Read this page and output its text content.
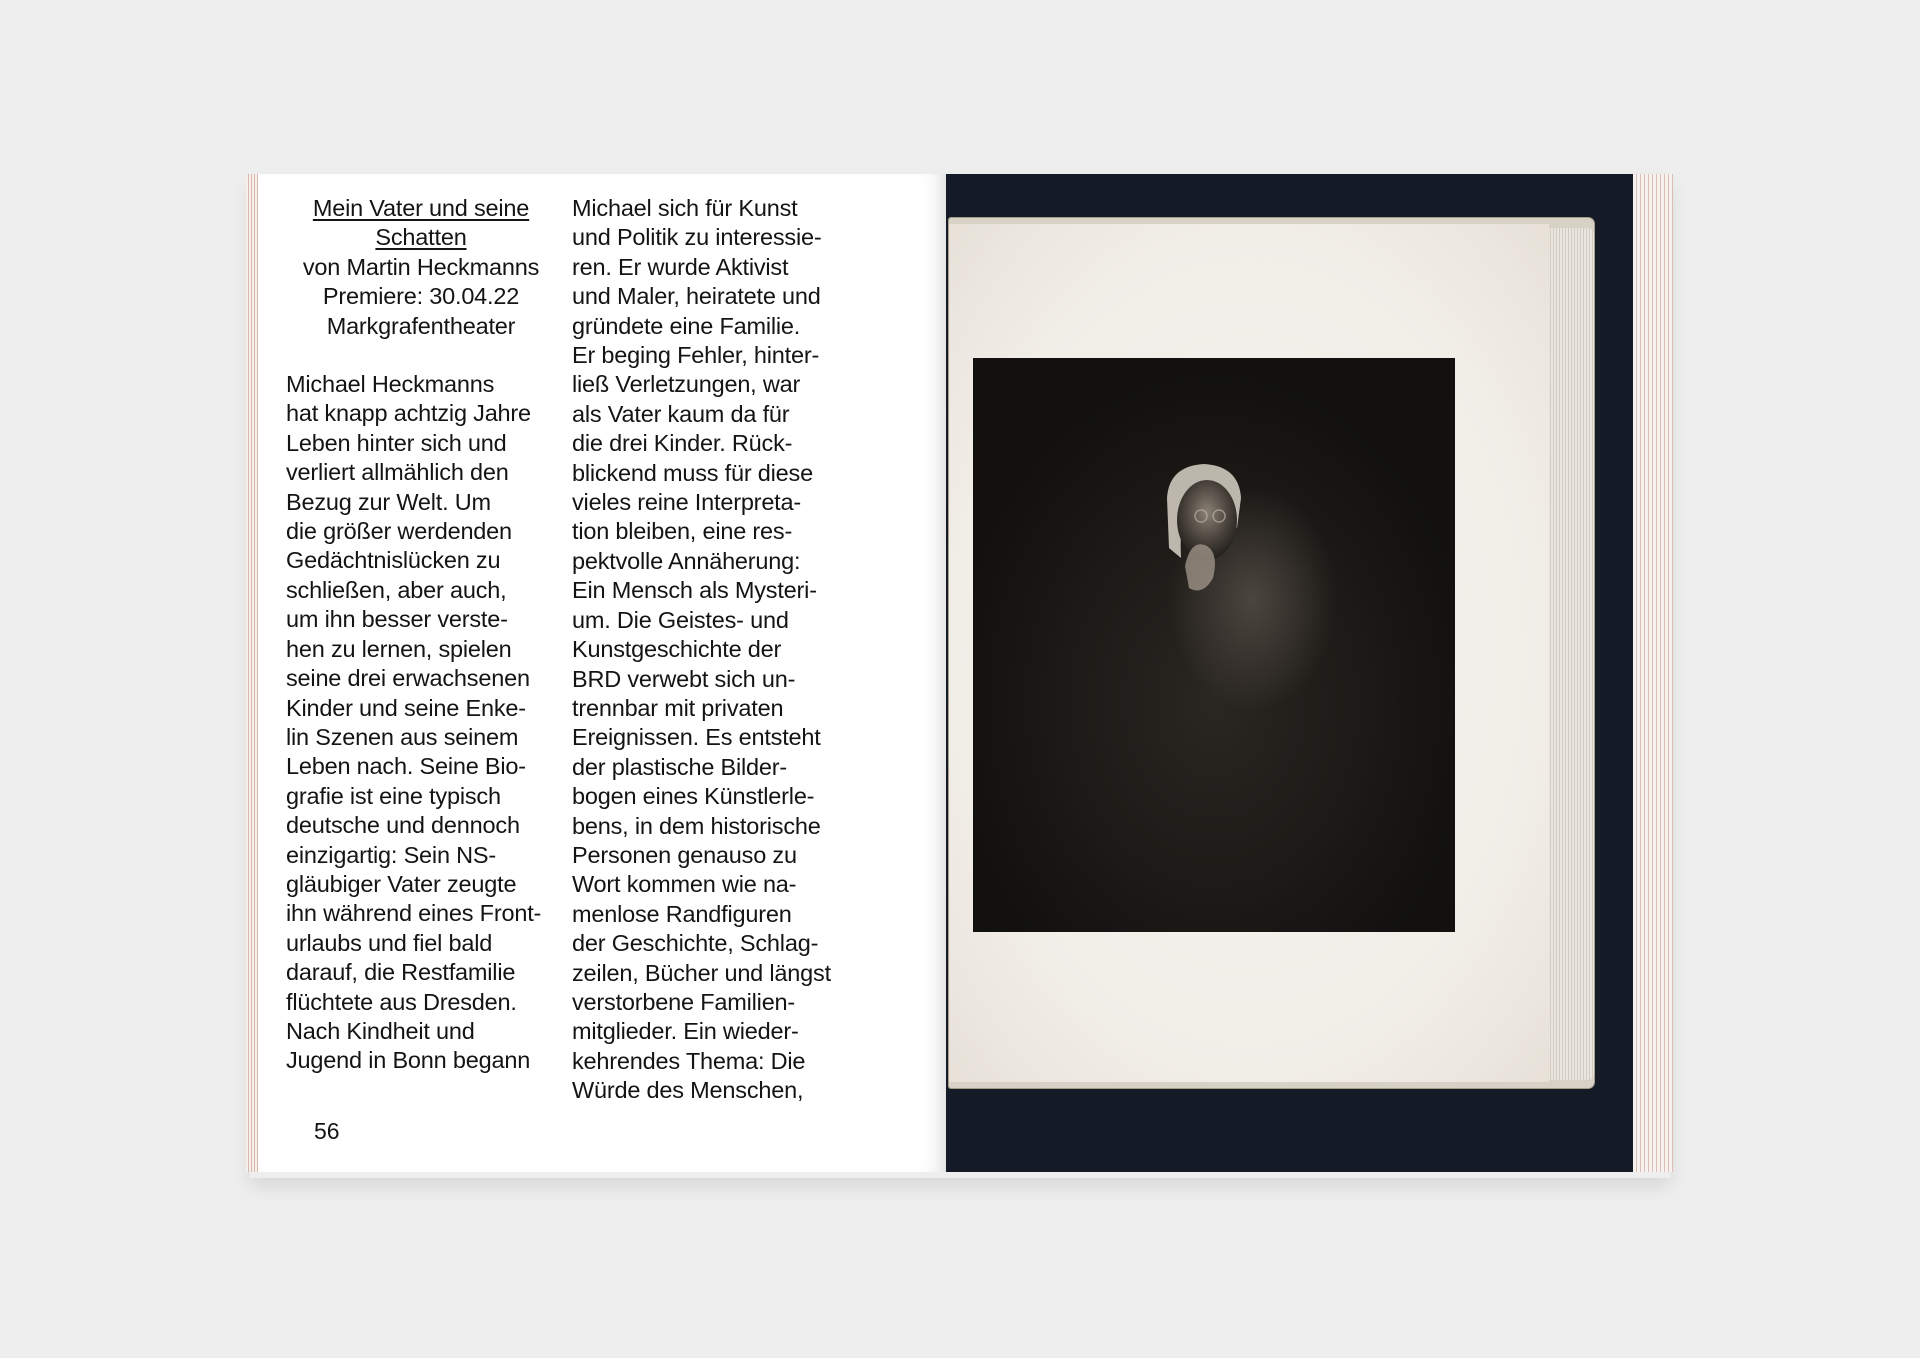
Mein Vater und seine Schatten
von Martin Heckmanns
Premiere: 30.04.22
Markgrafentheater
Michael Heckmanns
hat knapp achtzig Jahre
Leben hinter sich und
verliert allmählich den
Bezug zur Welt. Um
die größer werdenden
Gedächtnislücken zu
schließen, aber auch,
um ihn besser verste-
hen zu lernen, spielen
seine drei erwachsenen
Kinder und seine Enke-
lin Szenen aus seinem
Leben nach. Seine Bio-
grafie ist eine typisch
deutsche und dennoch
einzigartig: Sein NS-
gläubiger Vater zeugte
ihn während eines Front-
urlaubs und fiel bald
darauf, die Restfamilie
flüchtete aus Dresden.
Nach Kindheit und
Jugend in Bonn begann
Michael sich für Kunst
und Politik zu interessie-
ren. Er wurde Aktivist
und Maler, heiratete und
gründete eine Familie.
Er beging Fehler, hinter-
ließ Verletzungen, war
als Vater kaum da für
die drei Kinder. Rück-
blickend muss für diese
vieles reine Interpreta-
tion bleiben, eine res-
pektvolle Annäherung:
Ein Mensch als Mysteri-
um. Die Geistes- und
Kunstgeschichte der
BRD verwebt sich un-
trennbar mit privaten
Ereignissen. Es entsteht
der plastische Bilder-
bogen eines Künstlerle-
bens, in dem historische
Personen genauso zu
Wort kommen wie na-
menlose Randfiguren
der Geschichte, Schlag-
zeilen, Bücher und längst
verstorbene Familien-
mitglieder. Ein wieder-
kehrendes Thema: Die
Würde des Menschen,
56
